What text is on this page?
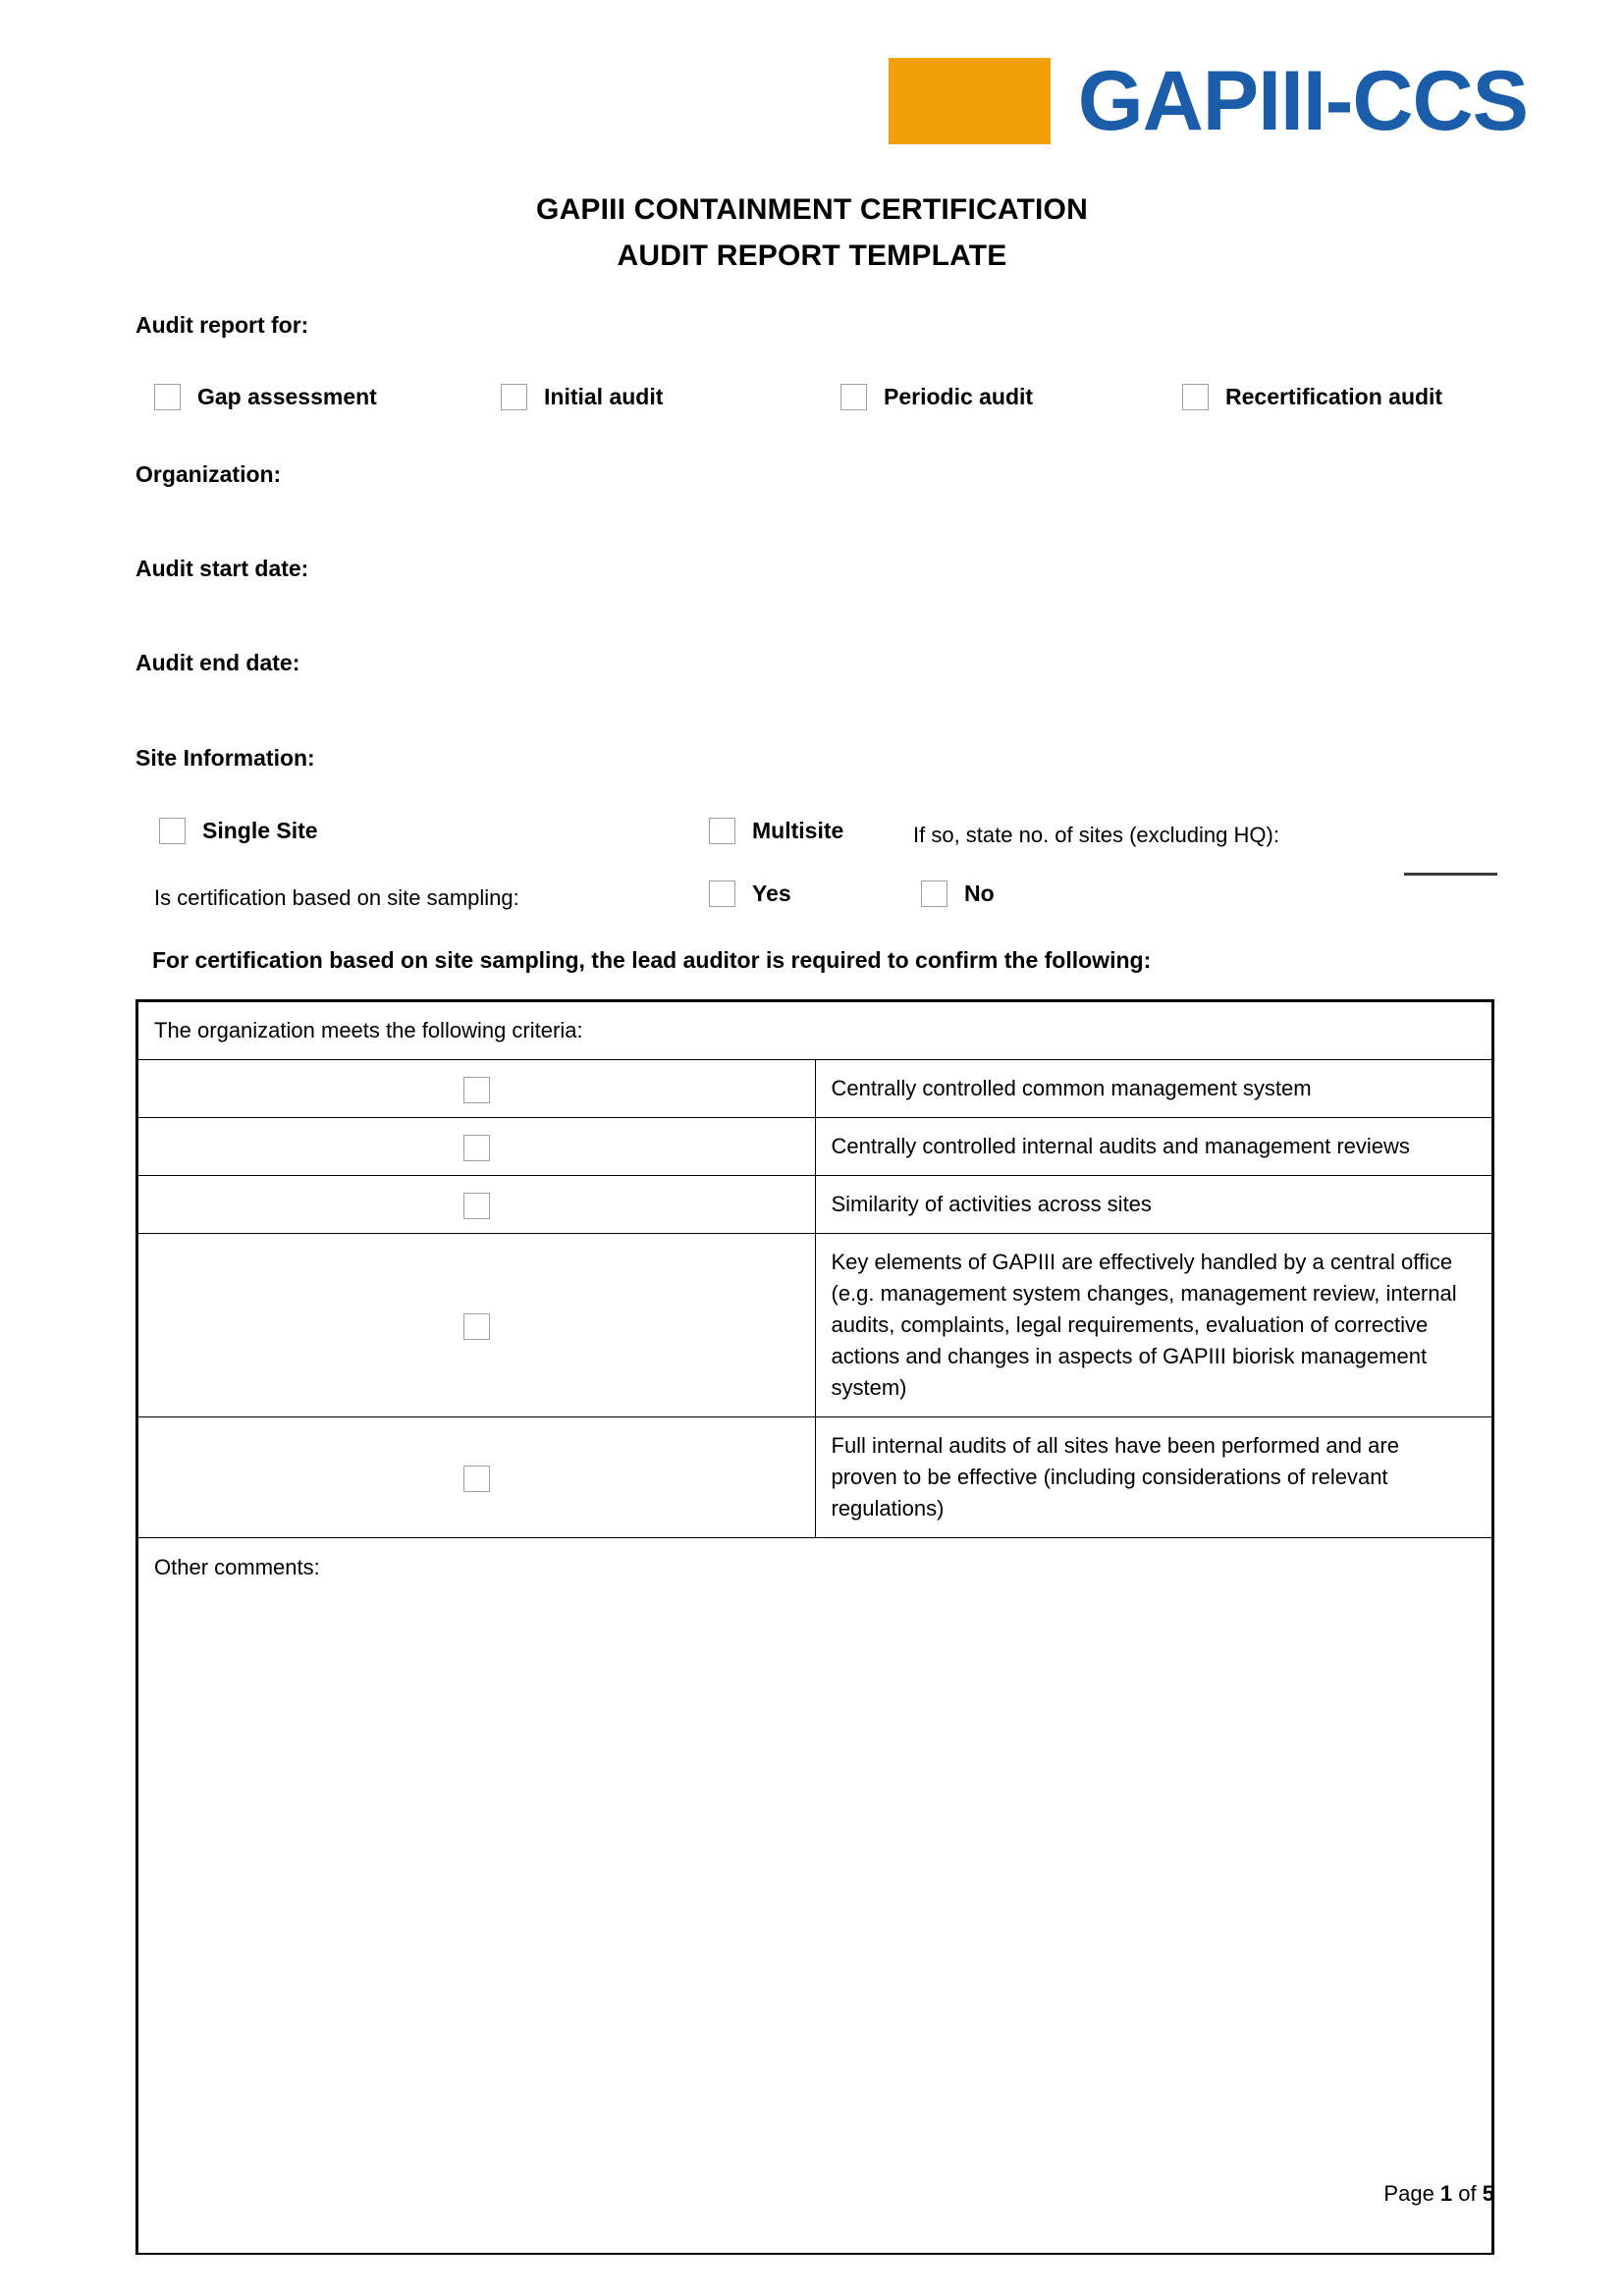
GAPIII-CCS
GAPIII CONTAINMENT CERTIFICATION
AUDIT REPORT TEMPLATE
Audit report for:
Gap assessment	Initial audit	Periodic audit	Recertification audit
Organization:
Audit start date:
Audit end date:
Site Information:
Single Site	Multisite	If so, state no. of sites (excluding HQ):
Is certification based on site sampling:	Yes	No
For certification based on site sampling, the lead auditor is required to confirm the following:
The organization meets the following criteria:	
	Centrally controlled common management system
	Centrally controlled internal audits and management reviews
	Similarity of activities across sites
	Key elements of GAPIII are effectively handled by a central office (e.g. management system changes, management review, internal audits, complaints, legal requirements, evaluation of corrective actions and changes in aspects of GAPIII biorisk management system)
	Full internal audits of all sites have been performed and are proven to be effective (including considerations of relevant regulations)
Other comments:	
Page 1 of 5
